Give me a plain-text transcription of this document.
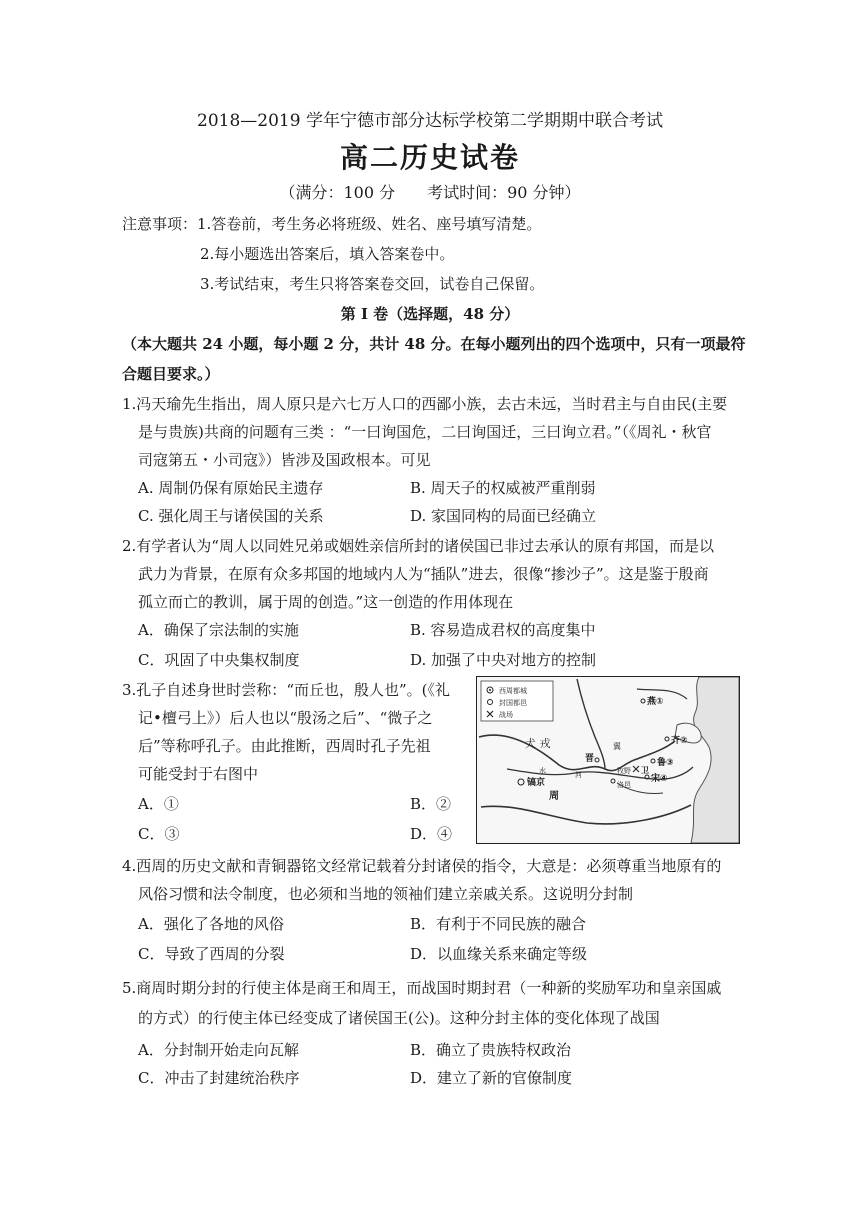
2018—2019 学年宁德市部分达标学校第二学期期中联合考试
高二历史试卷
（满分：100 分　　考试时间：90 分钟）
注意事项：1.答卷前，考生务必将班级、姓名、座号填写清楚。
2.每小题选出答案后，填入答案卷中。
3.考试结束，考生只将答案卷交回，试卷自己保留。
第 I 卷（选择题，48 分）
（本大题共 24 小题，每小题 2 分，共计 48 分。在每小题列出的四个选项中，只有一项最符
合题目要求。）
1.冯天瑜先生指出，周人原只是六七万人口的西鄙小族，去古未远，当时君主与自由民(主要
是与贵族)共商的问题有三类 ：“一曰询国危，二曰询国迁，三曰询立君。”（《周礼・秋官
司寇第五・小司寇》）皆涉及国政根本。可见
A. 周制仍保有原始民主遗存	B. 周天子的权威被严重削弱
C. 强化周王与诸侯国的关系	D. 家国同构的局面已经确立
2.有学者认为“周人以同姓兄弟或姻姓亲信所封的诸侯国已非过去承认的原有邦国，而是以
武力为背景，在原有众多邦国的地域内人为“插队”进去，很像“掺沙子”。这是鉴于殷商
孤立而亡的教训，属于周的创造。”这一创造的作用体现在
A．确保了宗法制的实施	B. 容易造成君权的高度集中
C．巩固了中央集权制度	D. 加强了中央对地方的控制
3.孔子自述身世时尝称：“而丘也，殷人也”。(《礼
记•檀弓上》）后人也以“殷汤之后”、“微子之
后”等称呼孔子。由此推断，西周时孔子先祖
可能受封于右图中
A．①	B．②
C．③	D．④
西周都城
封国都邑
战场
犬 戎	翼
晋
河	牧野 卫
洛邑
镐京
周
水
燕①
齐②
鲁③
宋④
4.西周的历史文献和青铜器铭文经常记载着分封诸侯的指令，大意是：必须尊重当地原有的
风俗习惯和法令制度，也必须和当地的领袖们建立亲戚关系。这说明分封制
A．强化了各地的风俗	B．有利于不同民族的融合
C．导致了西周的分裂	D．以血缘关系来确定等级
5.商周时期分封的行使主体是商王和周王，而战国时期封君（一种新的奖励军功和皇亲国戚
的方式）的行使主体已经变成了诸侯国王(公)。这种分封主体的变化体现了战国
A．分封制开始走向瓦解	B．确立了贵族特权政治
C．冲击了封建统治秩序	D．建立了新的官僚制度
